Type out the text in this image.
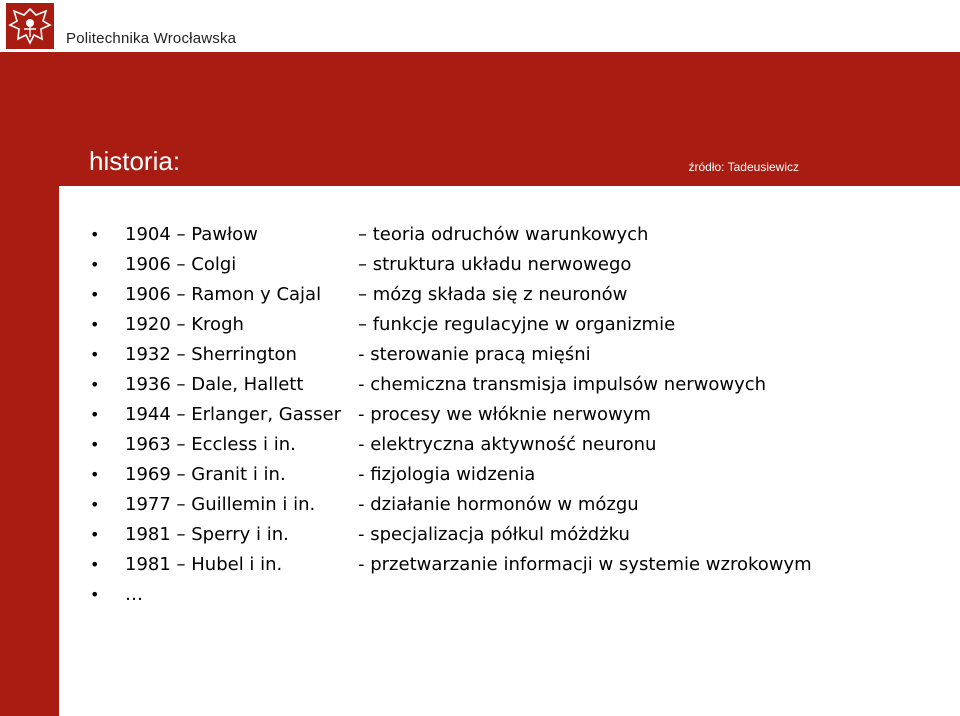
Politechnika Wrocławska
historia:	źródło: Tadeusiewicz
• 1904 – Pawłow	– teoria odruchów warunkowych
• 1906 – Colgi	– struktura układu nerwowego
• 1906 – Ramon y Cajal – mózg składa się z neuronów
• 1920 – Krogh	– funkcje regulacyjne w organizmie
• 1932 – Sherrington	- sterowanie pracą mięśni
• 1936 – Dale, Hallett	- chemiczna transmisja impulsów nerwowych
• 1944 – Erlanger, Gasser - procesy we włóknie nerwowym
• 1963 – Eccless i in.	- elektryczna aktywność neuronu
• 1969 – Granit i in.	- fizjologia widzenia
• 1977 – Guillemin i in. - działanie hormonów w mózgu
• 1981 – Sperry i in.	- specjalizacja półkul móżdżku
• 1981 – Hubel i in.	- przetwarzanie informacji w systemie wzrokowym
• …
